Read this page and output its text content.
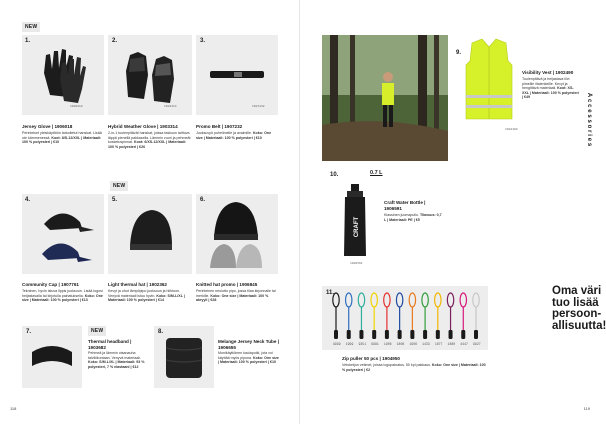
NEW
1906018
1.
1903314
2.
1907232
3.
Jersey Glove | 1906018
Perinteiset yleiskäyttöön tarkoitetut hanskat. Lisää ote kämmenessä. Koot: 8/S-12/XXL | Materiaali: 100 % polyesteri | €10
Hybrid Weather Glove | 1903314
2-in-1 tuulenpitävät hanskat, joissa taskuun taittuva läppä pienellä pakkasella. Lämmin vuori ja pehmeät kosketuspinnat. Koot: 6/XS-12/XXL | Materiaali: 100 % polyesteri | €26
Promo Belt | 1907232
Juoksuvyö puhelimelle ja avaimille. Koko: One size | Materiaali: 100 % polyesteri | €10
NEW
4.	5.	6.
Community Cap | 1907761
Tekninen, hyvin istuva lippis juoksuun. Lisää logosi heijastavalla tai kirjotulla painatuksella. Koko: One size | Materiaali: 100 % polyesteri | €13
Light thermal hat | 1902362
Kevyt ja ohut lämpöpipo juoksuun ja hiihtoon. Venyvä materiaali istuu hyvin. Koko: S/M-L/XL | Materiaali: 100 % polyesteri | €14
Knitted hat promo | 1906845
Perinteinen neulottu pipo, jossa tilaa kirjonnalle tai merkille. Koko: One size | Materiaali: 100 % akryyli | €28
7.	NEW
Thermal headband | 1903682
Pehmeä ja lämmin otsanauha talviliikuntaan. Venyvä materiaali. Koko: S/M-L/XL | Materiaali: 93 % polyesteri, 7 % elastaani | €12
8.
Melange Jersey Neck Tube | 1906655
Monikäyttöinen kaulaputki, jota voi käyttää myös pipona. Koko: One size | Materiaali: 100 % polyesteri | €10
118
9.
1902490
Visibility Vest | 1902490
Tuulenpitävä ja heijastava liivi pimeille iltalenkeille. Kevyt ja hengittävä materiaali. Koot: XS-XXL | Materiaali: 100 % polyesteri | €49
10.	0.7 L
CRAFT
1906591
Craft Water Bottle | 1906591
Klassinen juomapullo. Tilavuus: 0,7 L | Materiaali: PE | €5
11.
9999 1999 9351 9981 1906 1808 1906 1433 1877 1880 4447 9927
Zip puller 50 pcs | 1904950
Vetoketjun vetimet, joissa logopainatus. 50 kpl pakkaus. Koko: One size | Materiaali: 100 % polyesteri | €2
Oma väri
tuo lisää
persoon-
allisuutta!
Accessories
119
